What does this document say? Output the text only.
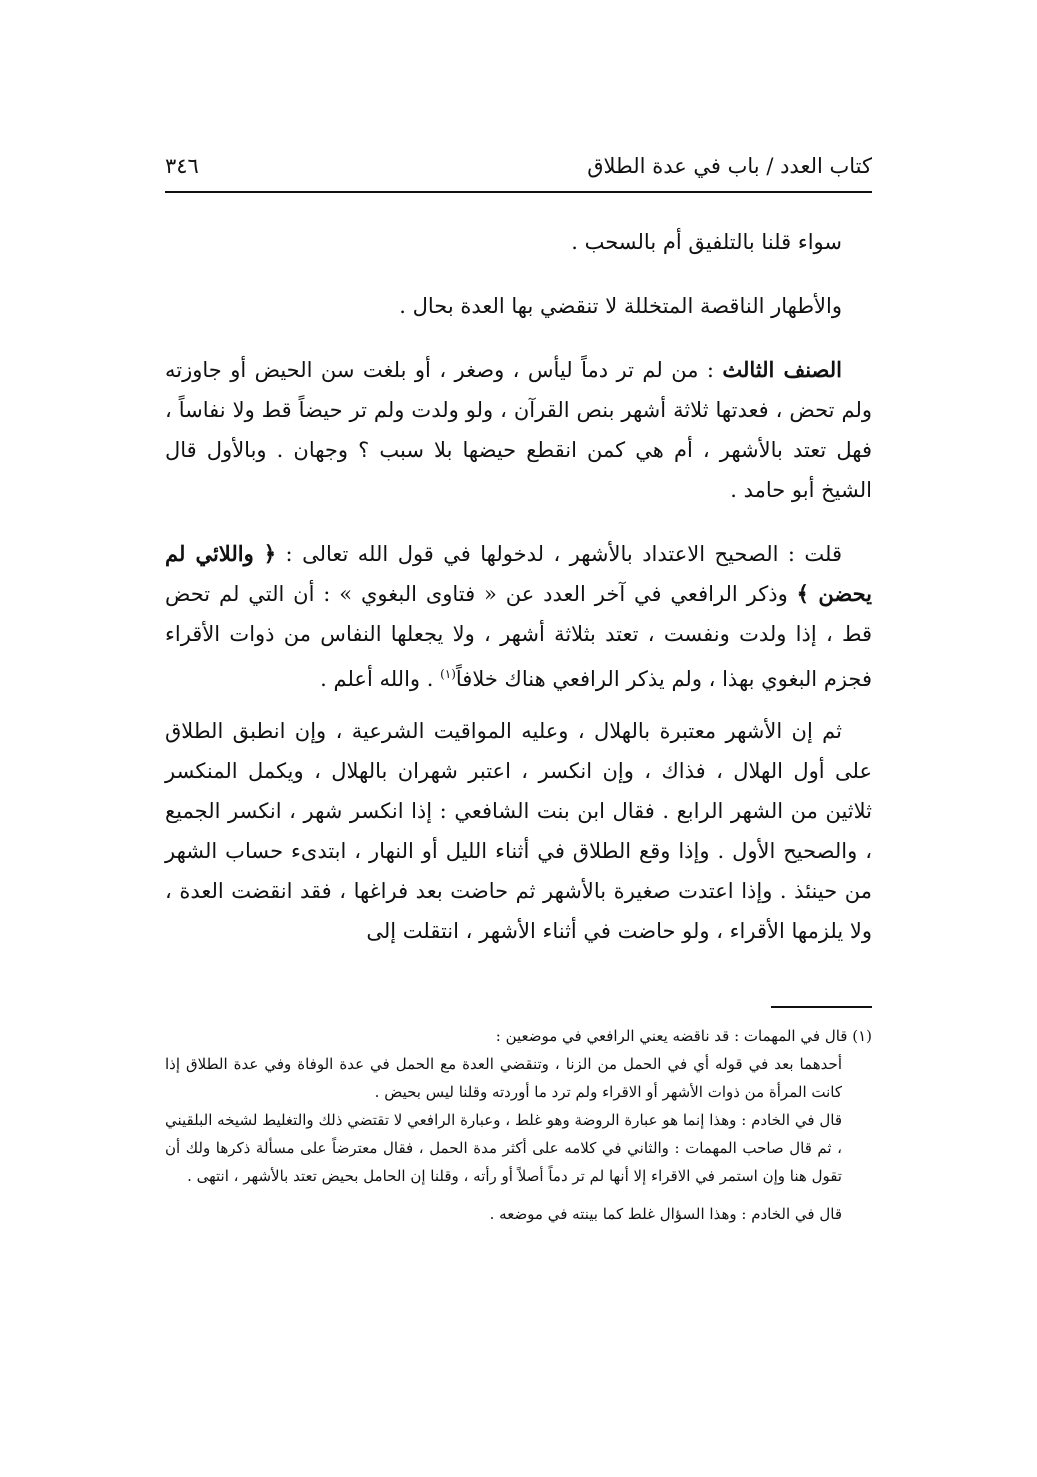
كتاب العدد / باب في عدة الطلاق
٣٤٦

سواء قلنا بالتلفيق أم بالسحب .

والأطهار الناقصة المتخللة لا تنقضي بها العدة بحال .

الصنف الثالث : من لم تر دماً ليأس ، وصغر ، أو بلغت سن الحيض أو جاوزته ولم تحض ، فعدتها ثلاثة أشهر بنص القرآن ، ولو ولدت ولم تر حيضاً قط ولا نفاساً ، فهل تعتد بالأشهر ، أم هي كمن انقطع حيضها بلا سبب ؟ وجهان . وبالأول قال الشيخ أبو حامد .

قلت : الصحيح الاعتداد بالأشهر ، لدخولها في قول الله تعالى : ﴿ واللائي لم يحضن ﴾ وذكر الرافعي في آخر العدد عن « فتاوى البغوي » : أن التي لم تحض قط ، إذا ولدت ونفست ، تعتد بثلاثة أشهر ، ولا يجعلها النفاس من ذوات الأقراء فجزم البغوي بهذا ، ولم يذكر الرافعي هناك خلافاً$^{(١)}$ . والله أعلم .

ثم إن الأشهر معتبرة بالهلال ، وعليه المواقيت الشرعية ، وإن انطبق الطلاق على أول الهلال ، فذاك ، وإن انكسر ، اعتبر شهران بالهلال ، ويكمل المنكسر ثلاثين من الشهر الرابع . فقال ابن بنت الشافعي : إذا انكسر شهر ، انكسر الجميع ، والصحيح الأول . وإذا وقع الطلاق في أثناء الليل أو النهار ، ابتدىء حساب الشهر من حينئذ . وإذا اعتدت صغيرة بالأشهر ثم حاضت بعد فراغها ، فقد انقضت العدة ، ولا يلزمها الأقراء ، ولو حاضت في أثناء الأشهر ، انتقلت إلى

(١) قال في المهمات : قد ناقضه يعني الرافعي في موضعين :

أحدهما بعد في قوله أي في الحمل من الزنا ، وتنقضي العدة مع الحمل في عدة الوفاة وفي عدة الطلاق إذا كانت المرأة من ذوات الأشهر أو الاقراء ولم ترد ما أوردته وقلنا ليس بحيض .

قال في الخادم : وهذا إنما هو عبارة الروضة وهو غلط ، وعبارة الرافعي لا تقتضي ذلك والتغليط لشيخه البلقيني ، ثم قال صاحب المهمات : والثاني في كلامه على أكثر مدة الحمل ، فقال معترضاً على مسألة ذكرها ولك أن تقول هنا وإن استمر في الاقراء إلا أنها لم تر دماً أصلاً أو رأته ، وقلنا إن الحامل بحيض تعتد بالأشهر ، انتهى .

قال في الخادم : وهذا السؤال غلط كما بينته في موضعه .
